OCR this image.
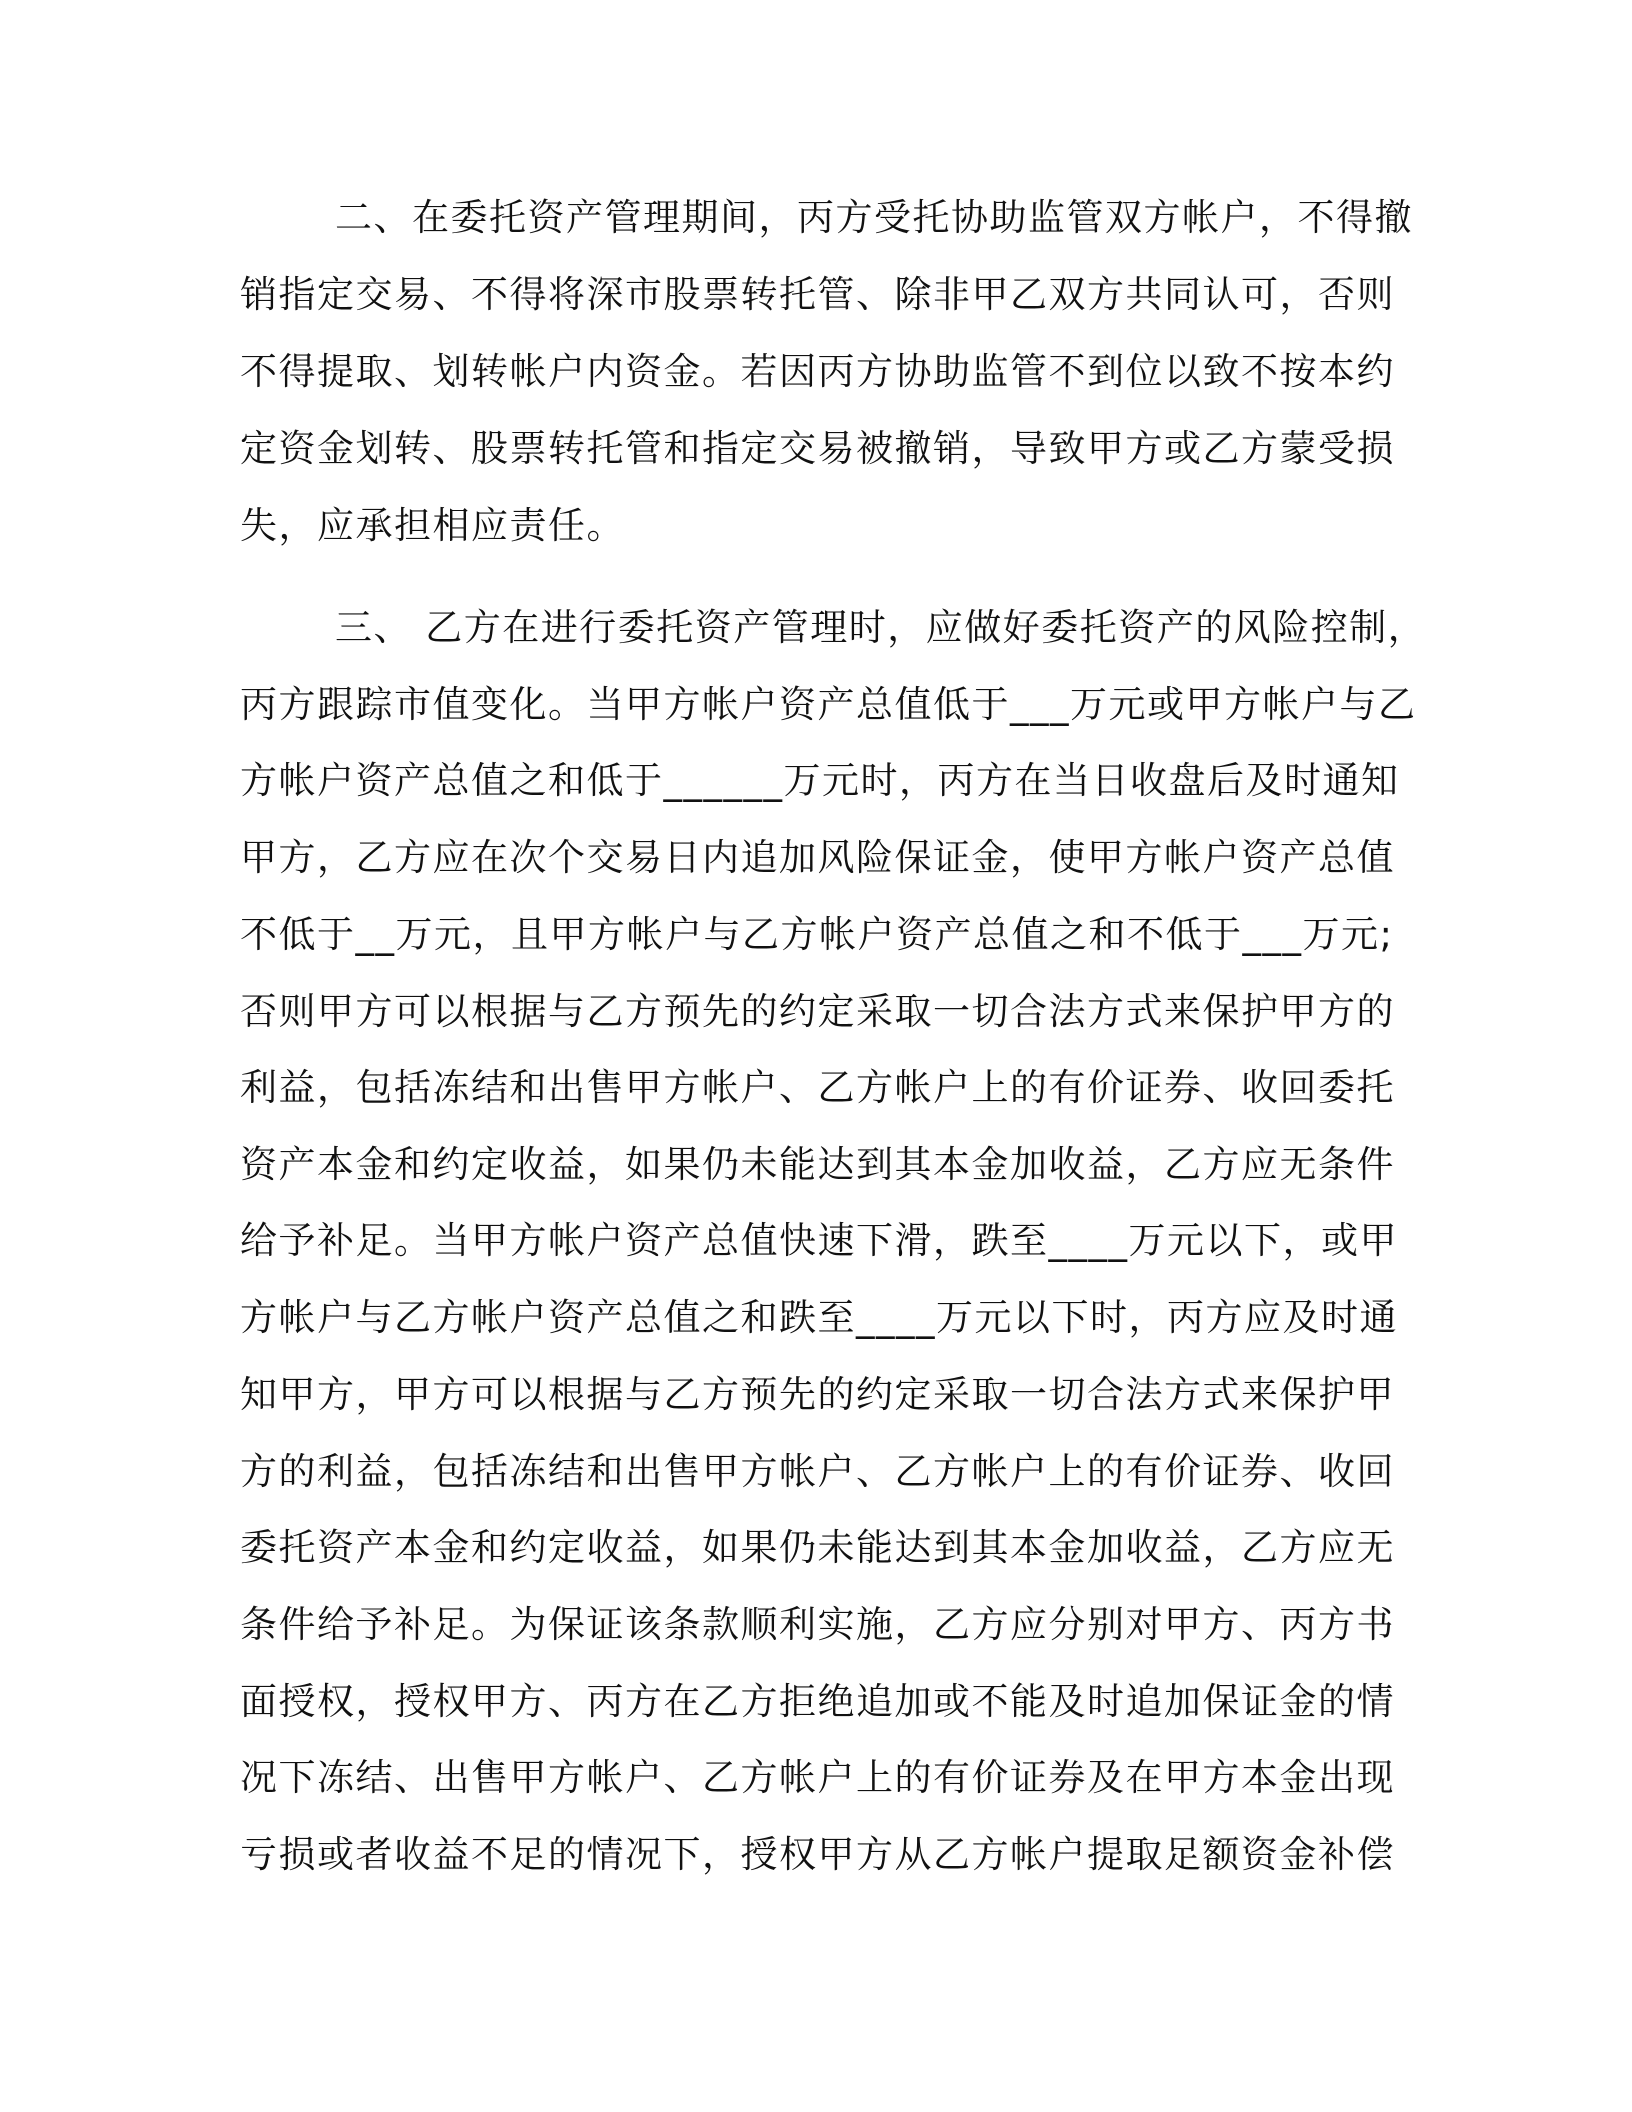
二、在委托资产管理期间，丙方受托协助监管双方帐户，不得撤

销指定交易、不得将深市股票转托管、除非甲乙双方共同认可，否则

不得提取、划转帐户内资金。若因丙方协助监管不到位以致不按本约

定资金划转、股票转托管和指定交易被撤销，导致甲方或乙方蒙受损

失，应承担相应责任。

三、 乙方在进行委托资产管理时，应做好委托资产的风险控制，

丙方跟踪市值变化。当甲方帐户资产总值低于___万元或甲方帐户与乙

方帐户资产总值之和低于______万元时，丙方在当日收盘后及时通知

甲方，乙方应在次个交易日内追加风险保证金，使甲方帐户资产总值

不低于__万元，且甲方帐户与乙方帐户资产总值之和不低于___万元;

否则甲方可以根据与乙方预先的约定采取一切合法方式来保护甲方的

利益，包括冻结和出售甲方帐户、乙方帐户上的有价证券、收回委托

资产本金和约定收益，如果仍未能达到其本金加收益，乙方应无条件

给予补足。当甲方帐户资产总值快速下滑，跌至____万元以下，或甲

方帐户与乙方帐户资产总值之和跌至____万元以下时，丙方应及时通

知甲方，甲方可以根据与乙方预先的约定采取一切合法方式来保护甲

方的利益，包括冻结和出售甲方帐户、乙方帐户上的有价证券、收回

委托资产本金和约定收益，如果仍未能达到其本金加收益，乙方应无

条件给予补足。为保证该条款顺利实施，乙方应分别对甲方、丙方书

面授权，授权甲方、丙方在乙方拒绝追加或不能及时追加保证金的情

况下冻结、出售甲方帐户、乙方帐户上的有价证券及在甲方本金出现

亏损或者收益不足的情况下，授权甲方从乙方帐户提取足额资金补偿
